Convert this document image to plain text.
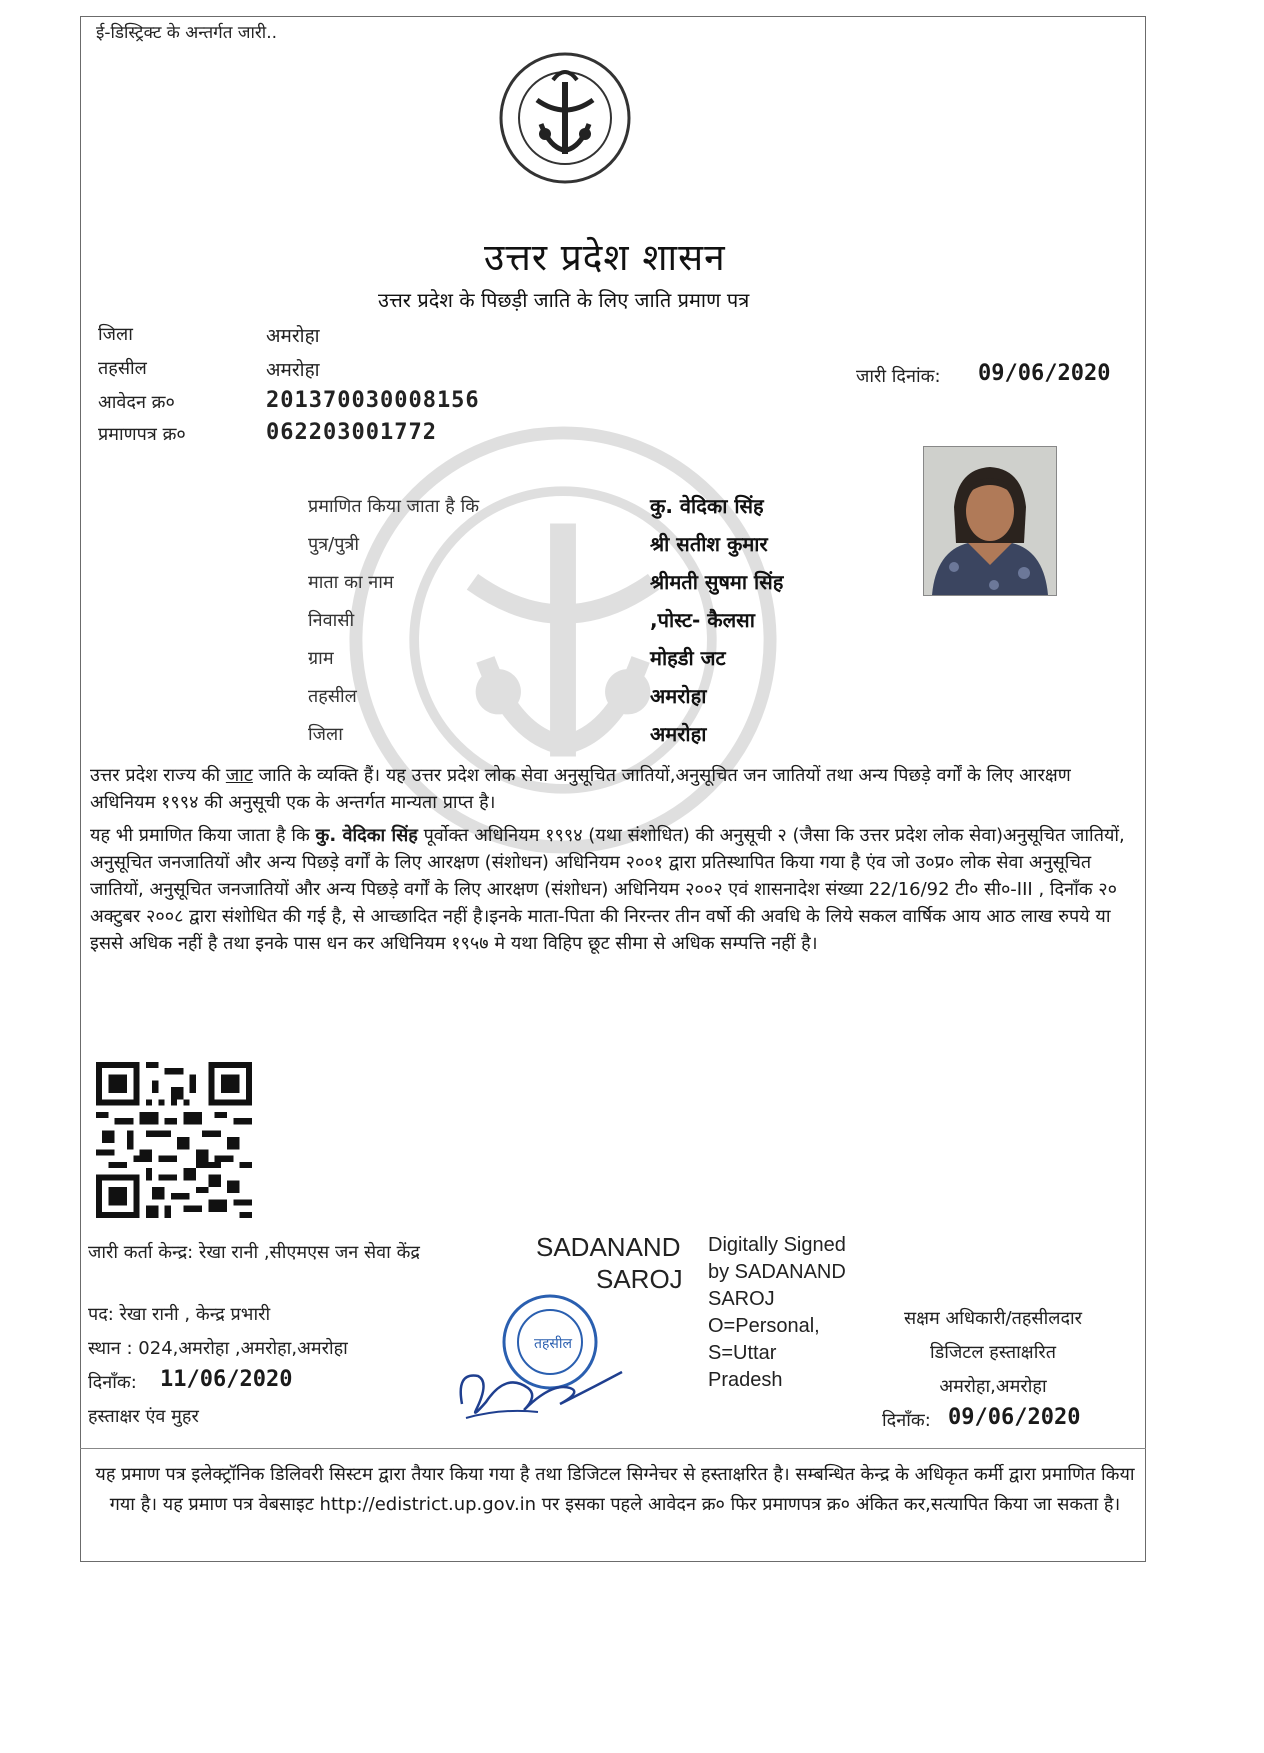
ई-डिस्ट्रिक्ट के अन्तर्गत जारी..
उत्तर प्रदेश शासन
उत्तर प्रदेश के पिछड़ी जाति के लिए जाति प्रमाण पत्र
जिला	अमरोहा
तहसील	अमरोहा
आवेदन क्र०	201370030008156
प्रमाणपत्र क्र०	062203001772
जारी दिनांक: 09/06/2020
प्रमाणित किया जाता है कि	कु. वेदिका सिंह
पुत्र/पुत्री	श्री सतीश कुमार
माता का नाम	श्रीमती सुषमा सिंह
निवासी	,पोस्ट- कैलसा
ग्राम	मोहडी जट
तहसील	अमरोहा
जिला	अमरोहा

उत्तर प्रदेश राज्य की जाट जाति के व्यक्ति हैं। यह उत्तर प्रदेश लोक सेवा अनुसूचित जातियों,अनुसूचित जन जातियों तथा अन्य पिछड़े वर्गों के लिए आरक्षण अधिनियम १९९४ की अनुसूची एक के अन्तर्गत मान्यता प्राप्त है।

यह भी प्रमाणित किया जाता है कि कु. वेदिका सिंह पूर्वोक्त अधिनियम १९९४ (यथा संशोधित) की अनुसूची २ (जैसा कि उत्तर प्रदेश लोक सेवा)अनुसूचित जातियों, अनुसूचित जनजातियों और अन्य पिछड़े वर्गों के लिए आरक्षण (संशोधन) अधिनियम २००१ द्वारा प्रतिस्थापित किया गया है एंव जो उ०प्र० लोक सेवा अनुसूचित जातियों, अनुसूचित जनजातियों और अन्य पिछड़े वर्गों के लिए आरक्षण (संशोधन) अधिनियम २००२ एवं शासनादेश संख्या 22/16/92 टी० सी०-III , दिनाँक २० अक्टुबर २००८ द्वारा संशोधित की गई है, से आच्छादित नहीं है।इनके माता-पिता की निरन्तर तीन वर्षो की अवधि के लिये सकल वार्षिक आय आठ लाख रुपये या इससे अधिक नहीं है तथा इनके पास धन कर अधिनियम १९५७ मे यथा विहिप छूट सीमा से अधिक सम्पत्ति नहीं है।

जारी कर्ता केन्द्र: रेखा रानी ,सीएमएस जन सेवा केंद्र	SADANAND
SAROJ
Digitally Signed by SADANAND SAROJ O=Personal, S=Uttar Pradesh
पद: रेखा रानी , केन्द्र प्रभारी
स्थान : 024,अमरोहा ,अमरोहा,अमरोहा
दिनाँक: 11/06/2020
हस्ताक्षर एंव मुहर
तहसील
सक्षम अधिकारी/तहसीलदार
डिजिटल हस्ताक्षरित
अमरोहा,अमरोहा
दिनाँक: 09/06/2020
यह प्रमाण पत्र इलेक्ट्रॉनिक डिलिवरी सिस्टम द्वारा तैयार किया गया है तथा डिजिटल सिग्नेचर से हस्ताक्षरित है। सम्बन्धित केन्द्र के अधिकृत कर्मी द्वारा प्रमाणित किया गया है। यह प्रमाण पत्र वेबसाइट http://edistrict.up.gov.in पर इसका पहले आवेदन क्र० फिर प्रमाणपत्र क्र० अंकित कर,सत्यापित किया जा सकता है।
